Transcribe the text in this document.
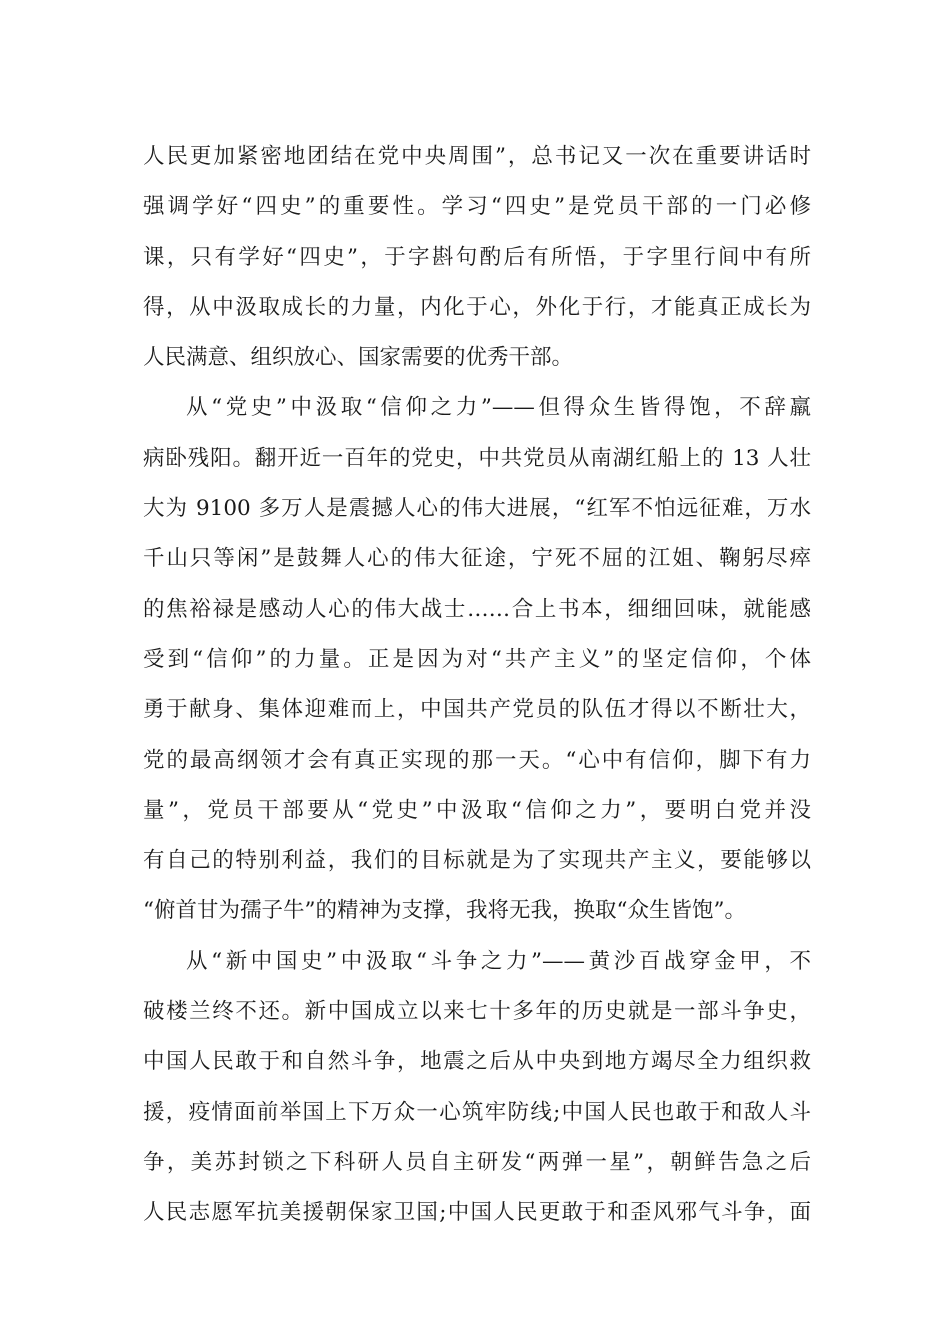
人民更加紧密地团结在党中央周围”，总书记又一次在重要讲话时
强调学好“四史”的重要性。学习“四史”是党员干部的一门必修
课，只有学好“四史”，于字斟句酌后有所悟，于字里行间中有所
得，从中汲取成长的力量，内化于心，外化于行，才能真正成长为
人民满意、组织放心、国家需要的优秀干部。
从“党史”中汲取“信仰之力”——但得众生皆得饱，不辞羸
病卧残阳。翻开近一百年的党史，中共党员从南湖红船上的 13 人壮
大为 9100 多万人是震撼人心的伟大进展，“红军不怕远征难，万水
千山只等闲”是鼓舞人心的伟大征途，宁死不屈的江姐、鞠躬尽瘁
的焦裕禄是感动人心的伟大战士……合上书本，细细回味，就能感
受到“信仰”的力量。正是因为对“共产主义”的坚定信仰，个体
勇于献身、集体迎难而上，中国共产党员的队伍才得以不断壮大，
党的最高纲领才会有真正实现的那一天。“心中有信仰，脚下有力
量”，党员干部要从“党史”中汲取“信仰之力”，要明白党并没
有自己的特别利益，我们的目标就是为了实现共产主义，要能够以
“俯首甘为孺子牛”的精神为支撑，我将无我，换取“众生皆饱”。
从“新中国史”中汲取“斗争之力”——黄沙百战穿金甲，不
破楼兰终不还。新中国成立以来七十多年的历史就是一部斗争史，
中国人民敢于和自然斗争，地震之后从中央到地方竭尽全力组织救
援，疫情面前举国上下万众一心筑牢防线;中国人民也敢于和敌人斗
争，美苏封锁之下科研人员自主研发“两弹一星”，朝鲜告急之后
人民志愿军抗美援朝保家卫国;中国人民更敢于和歪风邪气斗争，面
